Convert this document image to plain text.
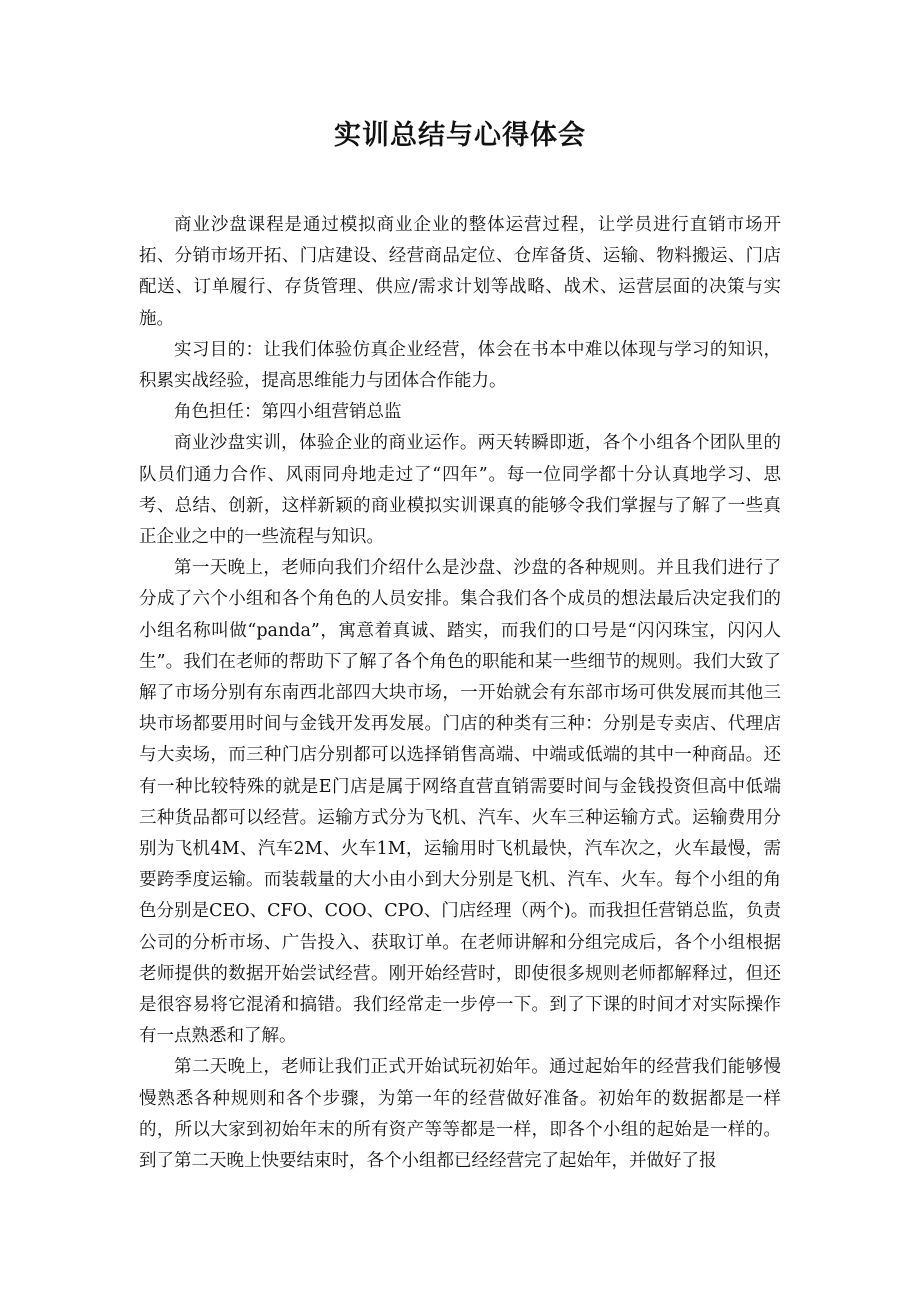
实训总结与心得体会

商业沙盘课程是通过模拟商业企业的整体运营过程，让学员进行直销市场开拓、分销市场开拓、门店建设、经营商品定位、仓库备货、运输、物料搬运、门店配送、订单履行、存货管理、供应/需求计划等战略、战术、运营层面的决策与实施。

实习目的：让我们体验仿真企业经营，体会在书本中难以体现与学习的知识，积累实战经验，提高思维能力与团体合作能力。

角色担任：第四小组营销总监

商业沙盘实训，体验企业的商业运作。两天转瞬即逝，各个小组各个团队里的队员们通力合作、风雨同舟地走过了“四年”。每一位同学都十分认真地学习、思考、总结、创新，这样新颖的商业模拟实训课真的能够令我们掌握与了解了一些真正企业之中的一些流程与知识。

第一天晚上，老师向我们介绍什么是沙盘、沙盘的各种规则。并且我们进行了分成了六个小组和各个角色的人员安排。集合我们各个成员的想法最后决定我们的小组名称叫做“panda”，寓意着真诚、踏实，而我们的口号是“闪闪珠宝，闪闪人生”。我们在老师的帮助下了解了各个角色的职能和某一些细节的规则。我们大致了解了市场分别有东南西北部四大块市场，一开始就会有东部市场可供发展而其他三块市场都要用时间与金钱开发再发展。门店的种类有三种：分别是专卖店、代理店与大卖场，而三种门店分别都可以选择销售高端、中端或低端的其中一种商品。还有一种比较特殊的就是E门店是属于网络直营直销需要时间与金钱投资但高中低端三种货品都可以经营。运输方式分为飞机、汽车、火车三种运输方式。运输费用分别为飞机4M、汽车2M、火车1M，运输用时飞机最快，汽车次之，火车最慢，需要跨季度运输。而装载量的大小由小到大分别是飞机、汽车、火车。每个小组的角色分别是CEO、CFO、COO、CPO、门店经理（两个)。而我担任营销总监，负责公司的分析市场、广告投入、获取订单。在老师讲解和分组完成后，各个小组根据老师提供的数据开始尝试经营。刚开始经营时，即使很多规则老师都解释过，但还是很容易将它混淆和搞错。我们经常走一步停一下。到了下课的时间才对实际操作有一点熟悉和了解。

第二天晚上，老师让我们正式开始试玩初始年。通过起始年的经营我们能够慢慢熟悉各种规则和各个步骤，为第一年的经营做好准备。初始年的数据都是一样的，所以大家到初始年末的所有资产等等都是一样，即各个小组的起始是一样的。到了第二天晚上快要结束时，各个小组都已经经营完了起始年，并做好了报
